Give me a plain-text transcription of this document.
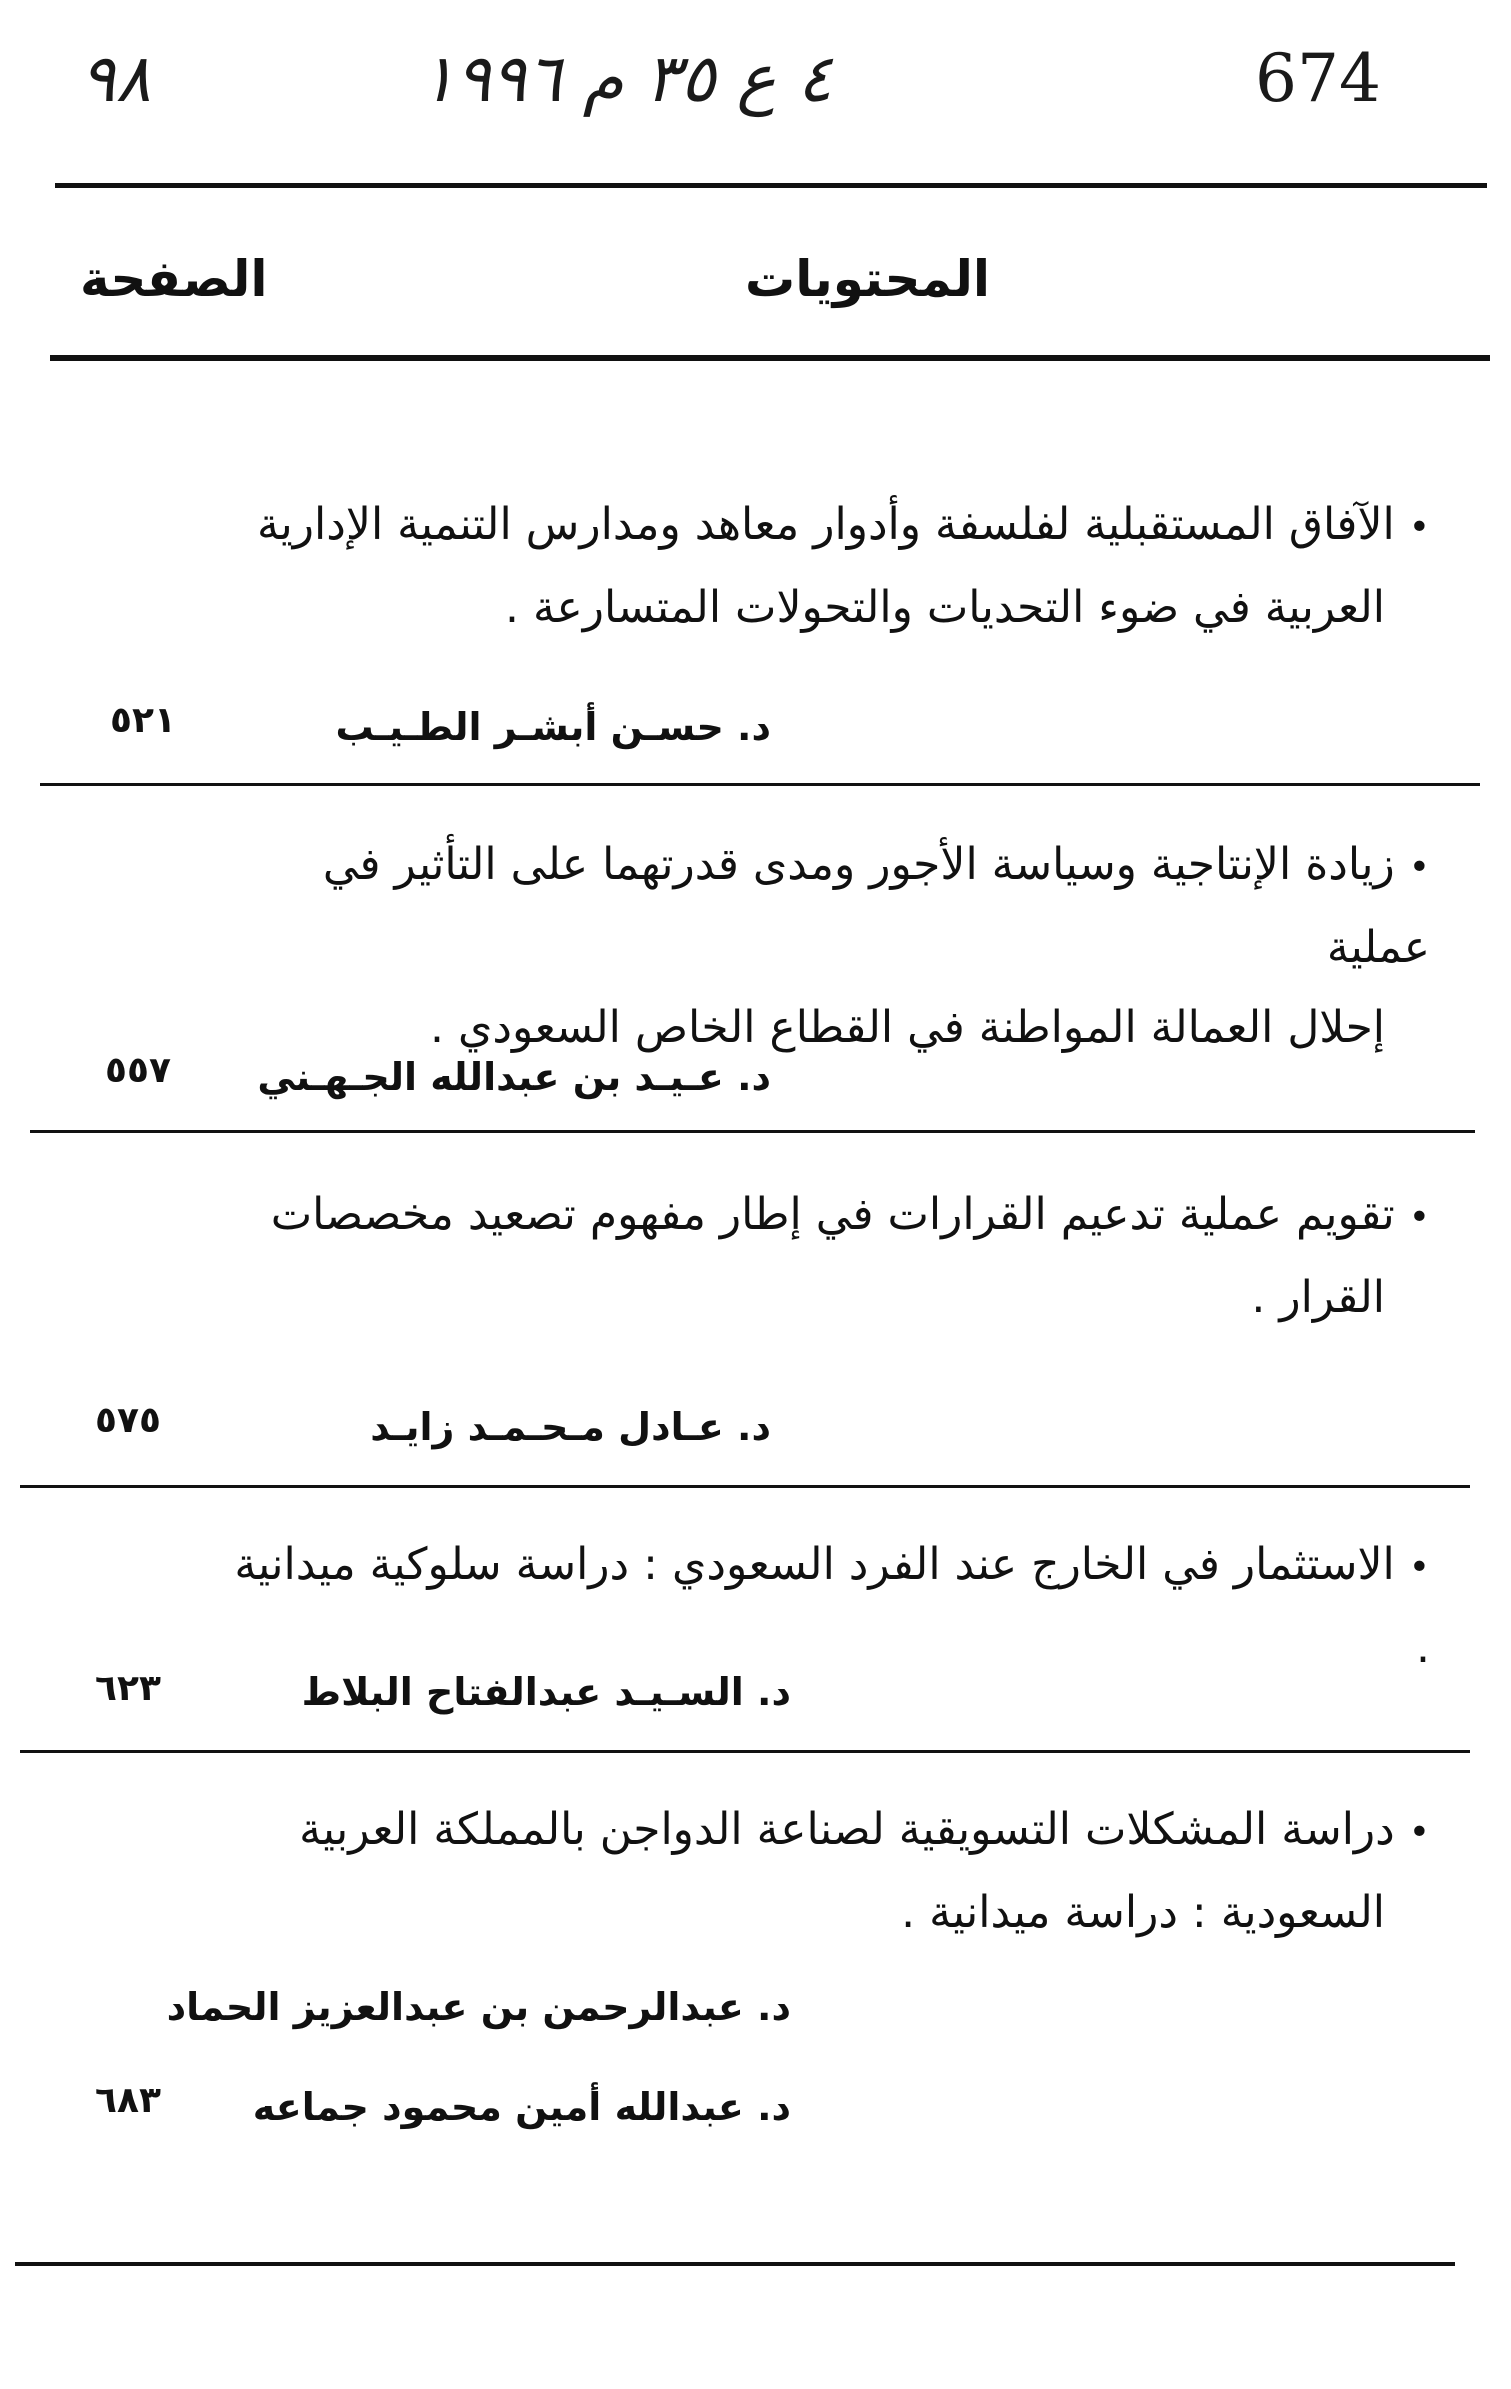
٩٨	٤ ع ٣٥ م ١٩٩٦	674
المحتويات
الصفحة

•الآفاق المستقبلية لفلسفة وأدوار معاهد ومدارس التنمية الإدارية

العربية في ضوء التحديات والتحولات المتسارعة .

د. حسـن أبشـر الطـيـب
٥٢١

•زيادة الإنتاجية وسياسة الأجور ومدى قدرتهما على التأثير في عملية

إحلال العمالة المواطنة في القطاع الخاص السعودي .

د. عـيـد بن عبدالله الجـهـني
٥٥٧

•تقويم عملية تدعيم القرارات في إطار مفهوم تصعيد مخصصات

القرار .

د. عـادل مـحـمـد زايـد
٥٧٥

•الاستثمار في الخارج عند الفرد السعودي : دراسة سلوكية ميدانية .

د. السـيـد عبدالفتاح البلاط
٦٢٣

•دراسة المشكلات التسويقية لصناعة الدواجن بالمملكة العربية

السعودية : دراسة ميدانية .

د. عبدالرحمن بن عبدالعزيز الحماد
د. عبدالله أمين محمود جماعه
٦٨٣
